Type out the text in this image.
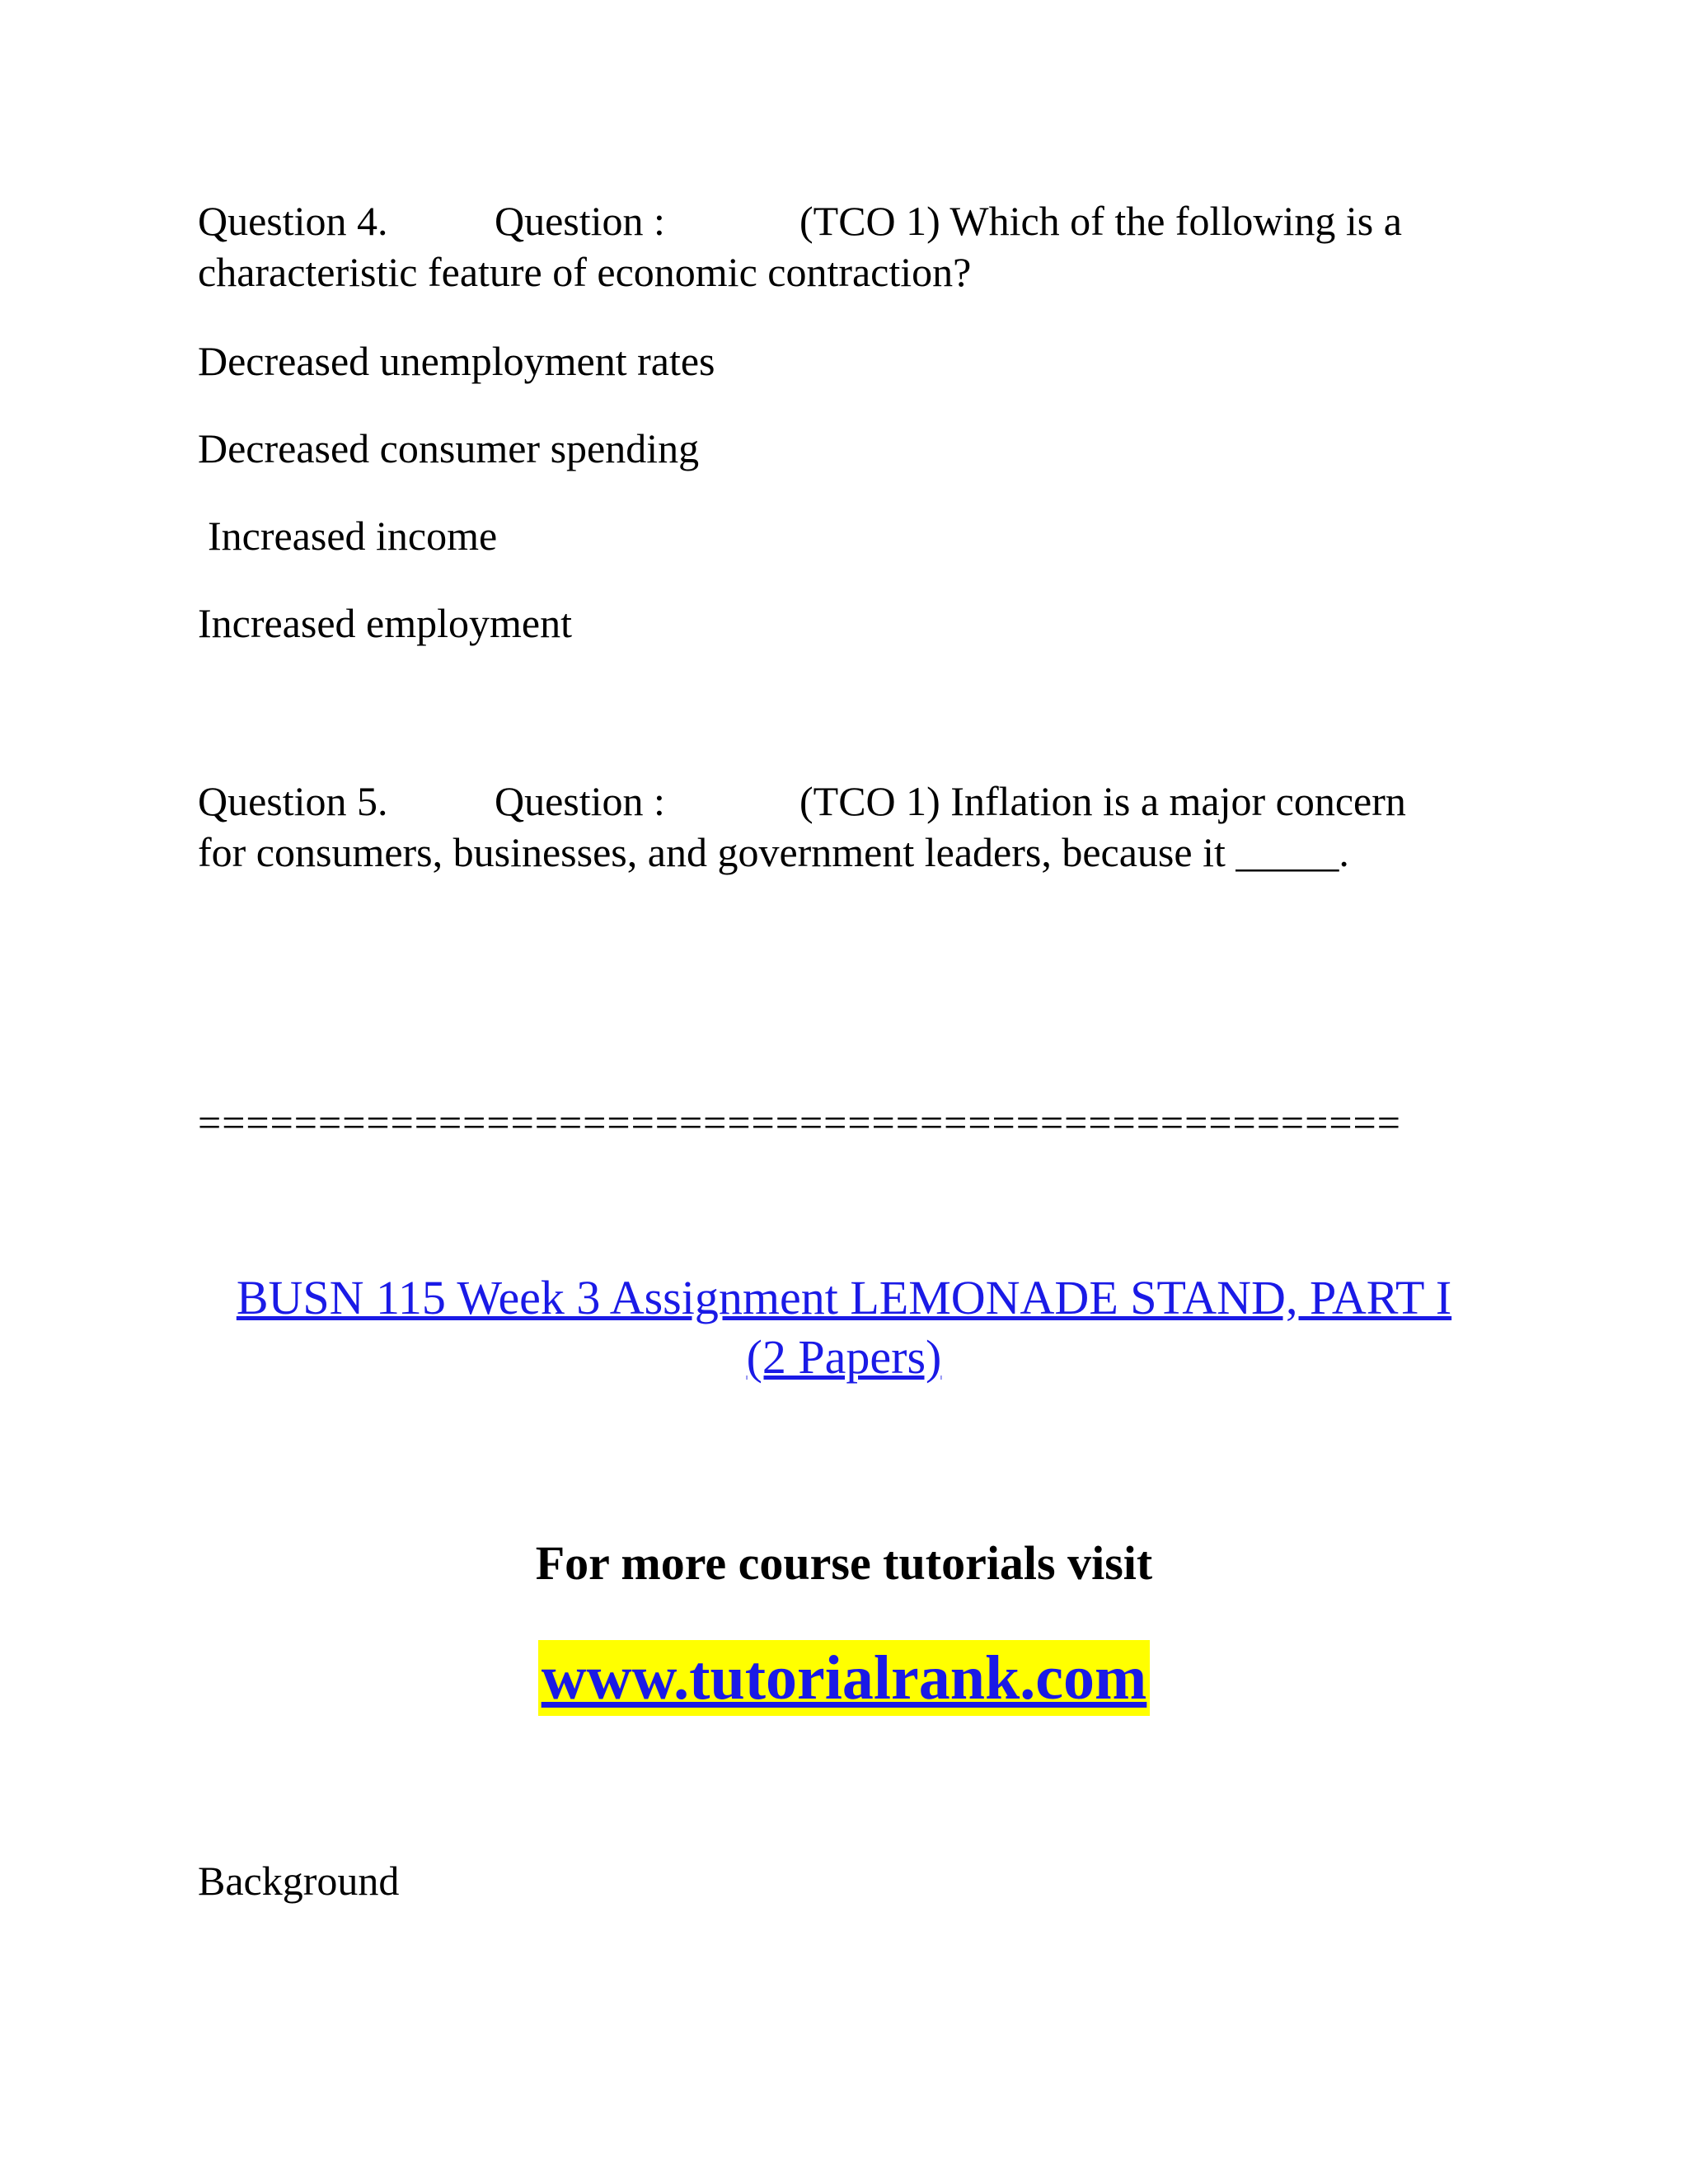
Question 4.	Question :	(TCO 1) Which of the following is a
characteristic feature of economic contraction?
Decreased unemployment rates
Decreased consumer spending
Increased income
Increased employment
Question 5.	Question :	(TCO 1) Inflation is a major concern
for consumers, businesses, and government leaders, because it _____.
==================================================
BUSN 115 Week 3 Assignment LEMONADE STAND, PART I
(2 Papers)
For more course tutorials visit
www.tutorialrank.com
Background
